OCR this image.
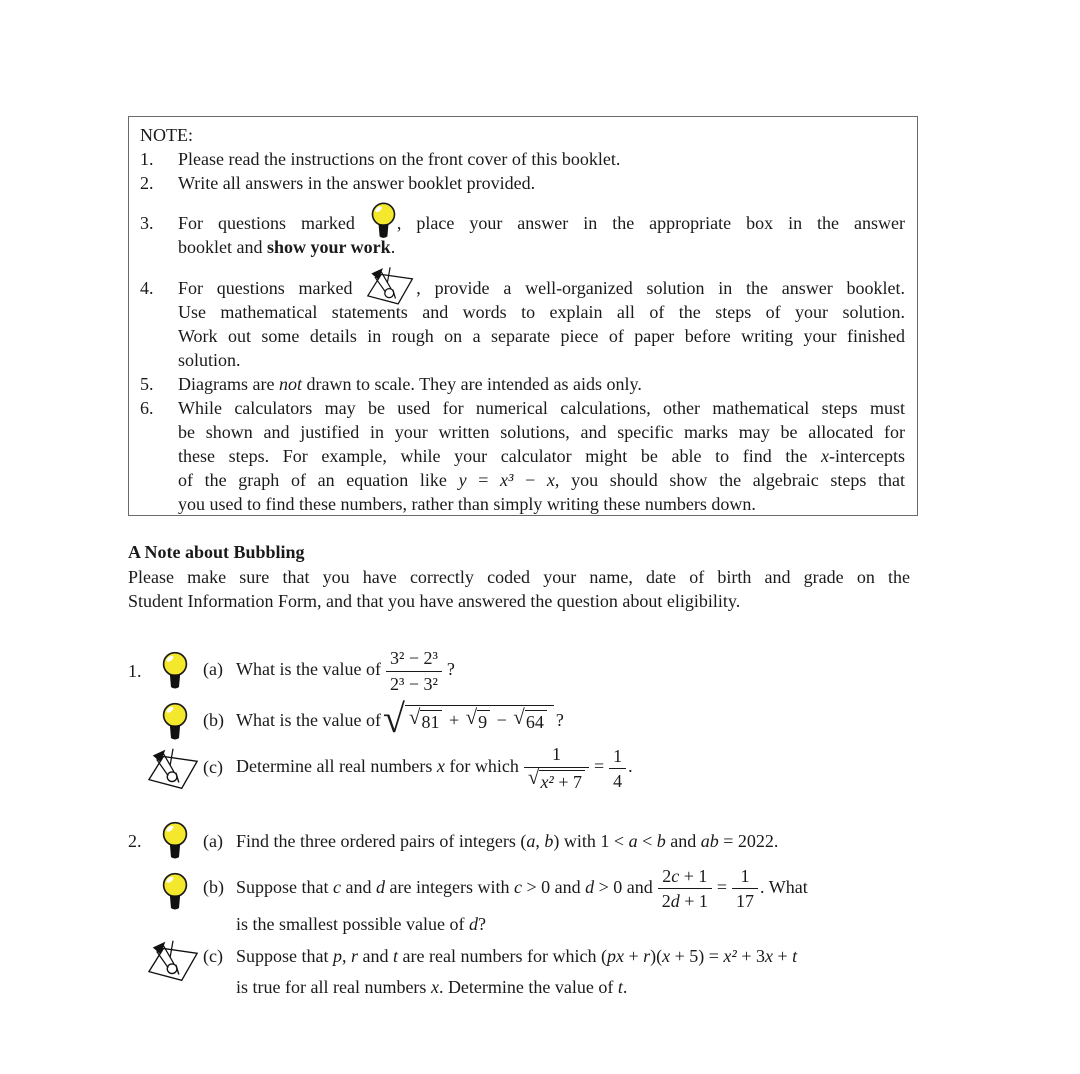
NOTE:
1.	Please read the instructions on the front cover of this booklet.
2.	Write all answers in the answer booklet provided.
3.	For questions marked
, place your answer in the appropriate box in the answer
booklet and show your work.
4.	For questions marked	, provide a well-organized solution in the answer booklet.
Use mathematical statements and words to explain all of the steps of your solution.
Work out some details in rough on a separate piece of paper before writing your finished
solution.
5.	Diagrams are not drawn to scale. They are intended as aids only.
6.	While calculators may be used for numerical calculations, other mathematical steps must
be shown and justified in your written solutions, and specific marks may be allocated for
these steps. For example, while your calculator might be able to find the x-intercepts
of the graph of an equation like y = x³ − x, you should show the algebraic steps that
you used to find these numbers, rather than simply writing these numbers down.
A Note about Bubbling
Please make sure that you have correctly coded your name, date of birth and grade on the
Student Information Form, and that you have answered the question about eligibility.
1.	(a) What is the value of $\frac{\text{3² − 2³}}{\text{2³ − 3²}}$ ?
(b) What is the value of √ √ 81 + √ 9 − √ 64 ?
(c) Determine all real numbers x for which $\frac{1}{\text{√ x² + 7}} = \frac{1}{4}$ .
2.	(a) Find the three ordered pairs of integers (a, b) with 1 < a < b and ab = 2022.
(b) Suppose that c and d are integers with c > 0 and d > 0 and $\frac{2c + 1}{2d + 1} = \frac{1}{17}$ . What
is the smallest possible value of d?
(c) Suppose that p, r and t are real numbers for which (px + r)(x + 5) = x² + 3x + t
is true for all real numbers x. Determine the value of t.
